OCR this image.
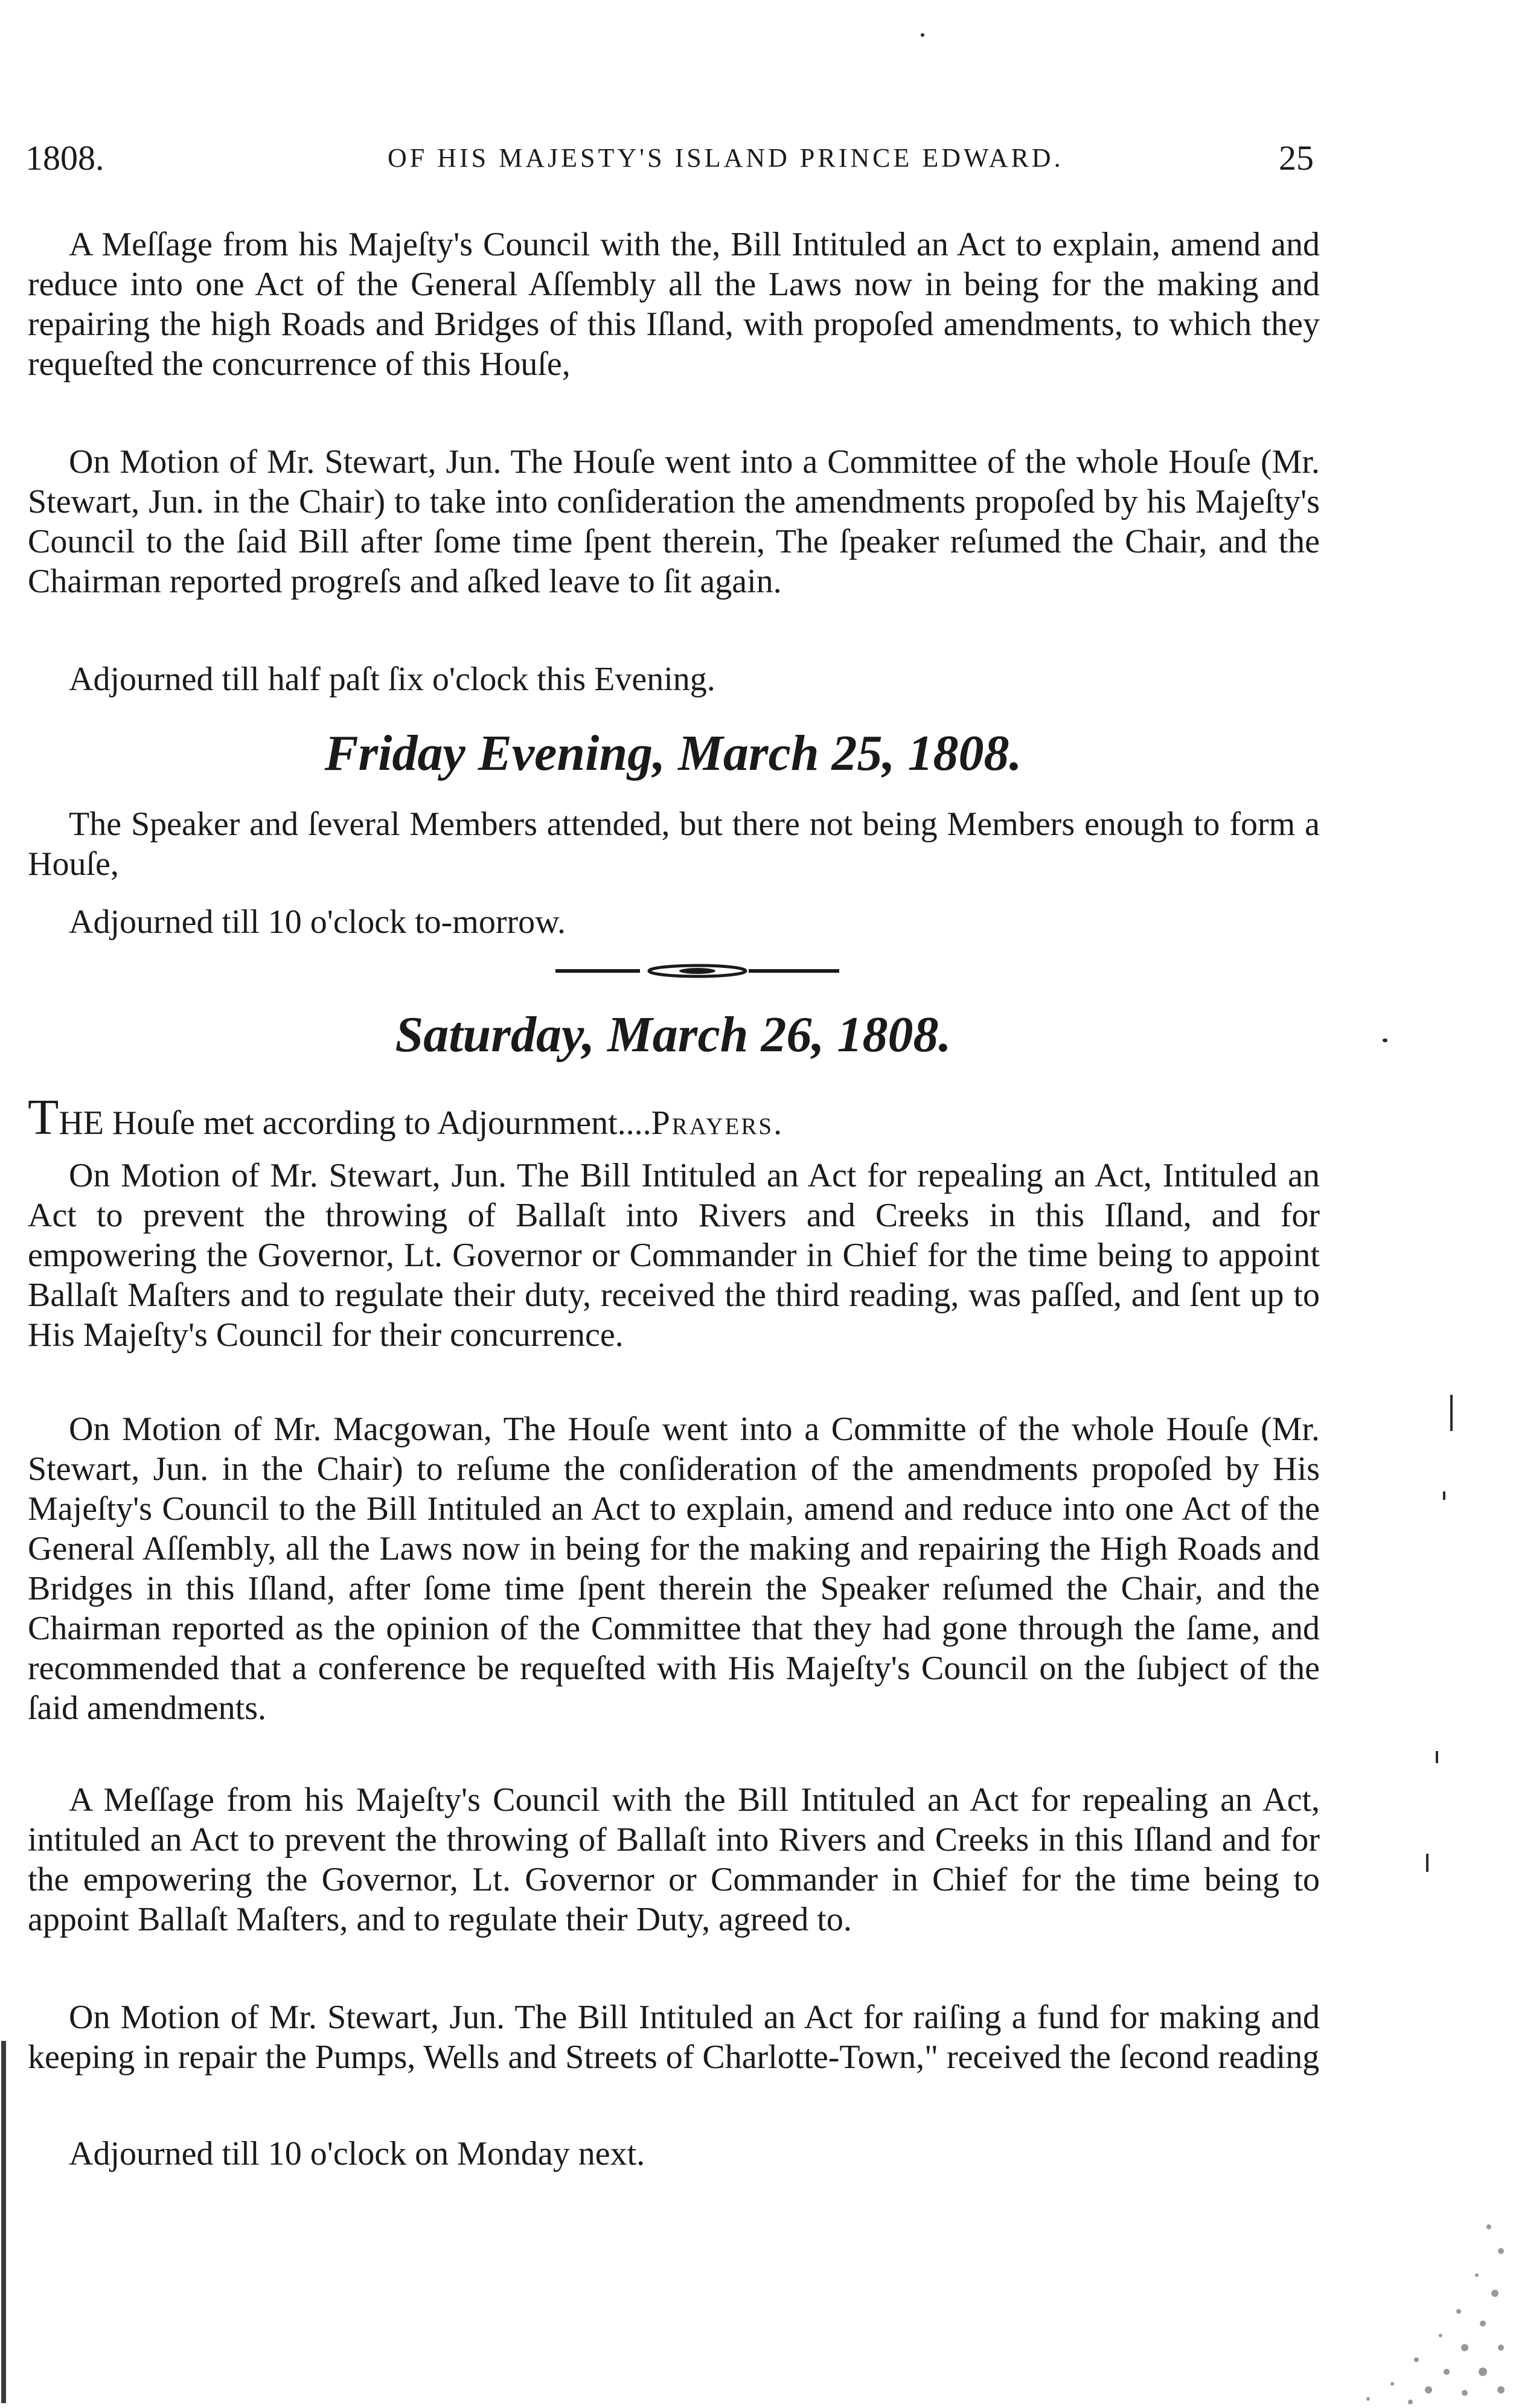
1808.	OF HIS MAJESTY'S ISLAND PRINCE EDWARD.	25

A Meſſage from his Majeſty's Council with the, Bill Intituled an Act to explain, amend and reduce into one Act of the General Aſſembly all the Laws now in being for the making and repairing the high Roads and Bridges of this Iſland, with propoſed amendments, to which they requeſted the concurrence of this Houſe,

On Motion of Mr. Stewart, Jun. The Houſe went into a Committee of the whole Houſe (Mr. Stewart, Jun. in the Chair) to take into conſideration the amendments propoſed by his Majeſty's Council to the ſaid Bill after ſome time ſpent therein, The ſpeaker reſumed the Chair, and the Chairman reported progreſs and aſked leave to ſit again.

Adjourned till half paſt ſix o'clock this Evening.

Friday Evening, March 25, 1808.

The Speaker and ſeveral Members attended, but there not being Members enough to form a Houſe,

Adjourned till 10 o'clock to-morrow.

Saturday, March 26, 1808.
THE Houſe met according to Adjournment....Prayers.

On Motion of Mr. Stewart, Jun. The Bill Intituled an Act for repealing an Act, Intituled an Act to prevent the throwing of Ballaſt into Rivers and Creeks in this Iſland, and for empowering the Governor, Lt. Governor or Commander in Chief for the time being to appoint Ballaſt Maſters and to regulate their duty, received the third reading, was paſſed, and ſent up to His Majeſty's Council for their concurrence.

On Motion of Mr. Macgowan, The Houſe went into a Committe of the whole Houſe (Mr. Stewart, Jun. in the Chair) to reſume the conſideration of the amendments propoſed by His Majeſty's Council to the Bill Intituled an Act to explain, amend and reduce into one Act of the General Aſſembly, all the Laws now in being for the making and repairing the High Roads and Bridges in this Iſland, after ſome time ſpent therein the Speaker reſumed the Chair, and the Chairman reported as the opinion of the Committee that they had gone through the ſame, and recommended that a conference be requeſted with His Majeſty's Council on the ſubject of the ſaid amendments.

A Meſſage from his Majeſty's Council with the Bill Intituled an Act for repealing an Act, intituled an Act to prevent the throwing of Ballaſt into Rivers and Creeks in this Iſland and for the empowering the Governor, Lt. Governor or Commander in Chief for the time being to appoint Ballaſt Maſters, and to regulate their Duty, agreed to.

On Motion of Mr. Stewart, Jun. The Bill Intituled an Act for raiſing a fund for making and keeping in repair the Pumps, Wells and Streets of Charlotte-Town," received the ſecond reading

Adjourned till 10 o'clock on Monday next.
